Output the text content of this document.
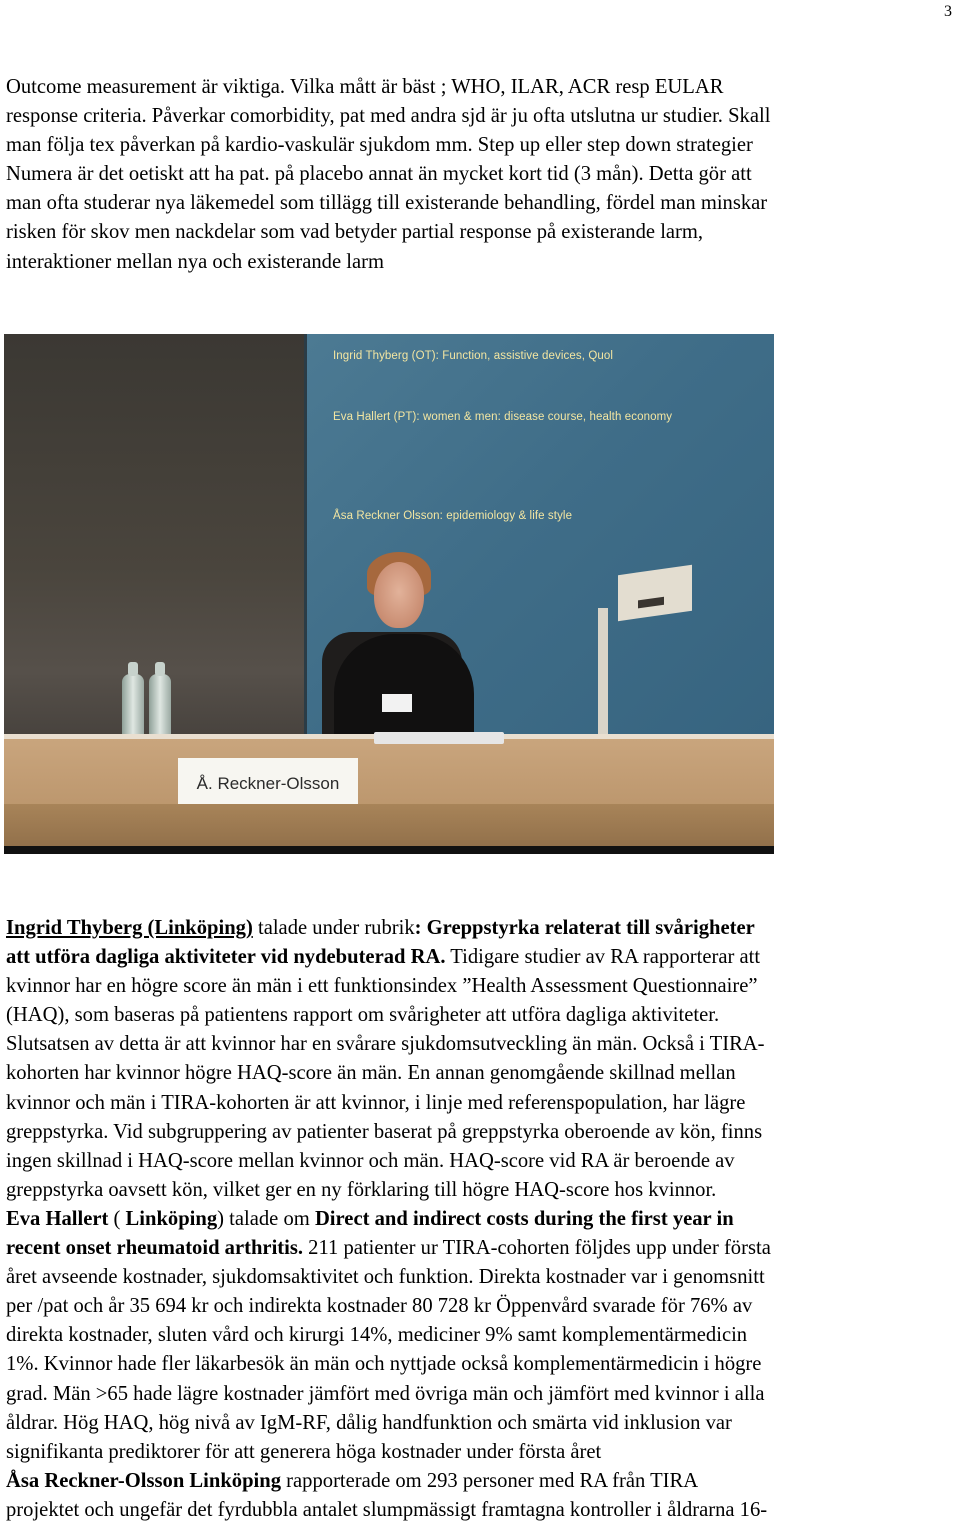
3
Outcome measurement är viktiga. Vilka mått är bäst ; WHO, ILAR, ACR resp EULAR
response criteria. Påverkar comorbidity, pat med andra sjd är ju ofta utslutna ur studier. Skall
man följa tex påverkan på kardio-vaskulär sjukdom mm. Step up eller step down strategier
Numera är det oetiskt att ha pat. på placebo annat än mycket kort tid (3 mån). Detta gör att
man ofta studerar nya läkemedel som tillägg till existerande behandling, fördel man minskar
risken för skov men nackdelar som vad betyder partial response på existerande larm,
interaktioner mellan nya och existerande larm
Ingrid Thyberg (OT): Function, assistive devices, Quol
Eva Hallert (PT): women & men: disease course, health economy
Åsa Reckner Olsson: epidemiology & life style
Å. Reckner-Olsson
Ingrid Thyberg (Linköping) talade under rubrik: Greppstyrka relaterat till svårigheter
att utföra dagliga aktiviteter vid nydebuterad RA. Tidigare studier av RA rapporterar att
kvinnor har en högre score än män i ett funktionsindex ”Health Assessment Questionnaire”
(HAQ), som baseras på patientens rapport om svårigheter att utföra dagliga aktiviteter.
Slutsatsen av detta är att kvinnor har en svårare sjukdomsutveckling än män. Också i TIRA-
kohorten har kvinnor högre HAQ-score än män. En annan genomgående skillnad mellan
kvinnor och män i TIRA-kohorten är att kvinnor, i linje med referenspopulation, har lägre
greppstyrka. Vid subgruppering av patienter baserat på greppstyrka oberoende av kön, finns
ingen skillnad i HAQ-score mellan kvinnor och män. HAQ-score vid RA är beroende av
greppstyrka oavsett kön, vilket ger en ny förklaring till högre HAQ-score hos kvinnor.
Eva Hallert ( Linköping) talade om Direct and indirect costs during the first year in
recent onset rheumatoid arthritis. 211 patienter ur TIRA-cohorten följdes upp under första
året avseende kostnader, sjukdomsaktivitet och funktion. Direkta kostnader var i genomsnitt
per /pat och år 35 694 kr och indirekta kostnader 80 728 kr Öppenvård svarade för 76% av
direkta kostnader, sluten vård och kirurgi 14%, mediciner 9% samt komplementärmedicin
1%. Kvinnor hade fler läkarbesök än män och nyttjade också komplementärmedicin i högre
grad. Män >65 hade lägre kostnader jämfört med övriga män och jämfört med kvinnor i alla
åldrar. Hög HAQ, hög nivå av IgM-RF, dålig handfunktion och smärta vid inklusion var
signifikanta prediktorer för att generera höga kostnader under första året
Åsa Reckner-Olsson Linköping rapporterade om 293 personer med RA från TIRA
projektet och ungefär det fyrdubbla antalet slumpmässigt framtagna kontroller i åldrarna 16-
